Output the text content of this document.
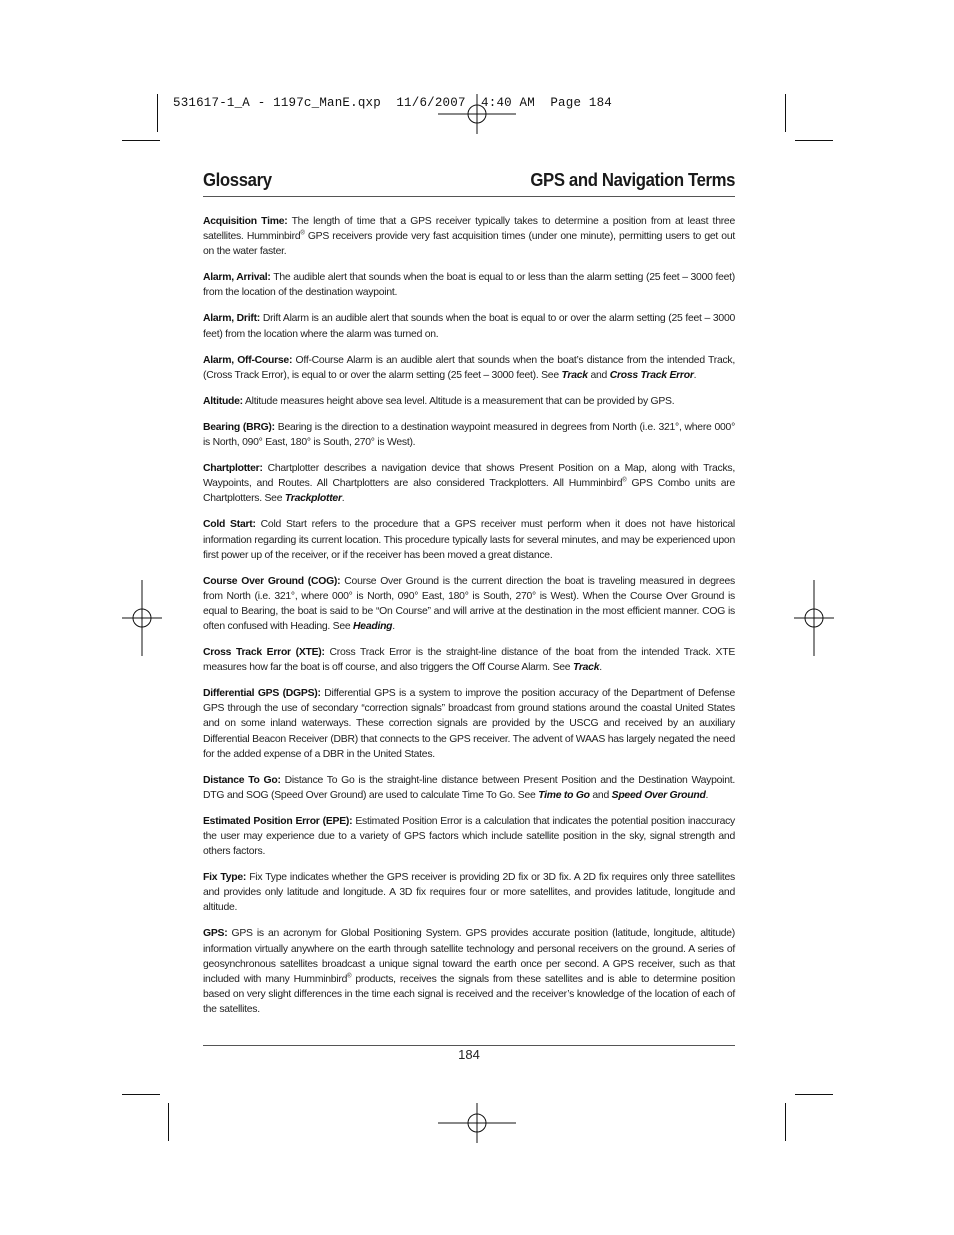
531617-1_A - 1197c_ManE.qxp  11/6/2007  4:40 AM  Page 184
Glossary	GPS and Navigation Terms

Acquisition Time: The length of time that a GPS receiver typically takes to determine a position from at least three satellites. Humminbird® GPS receivers provide very fast acquisition times (under one minute), permitting users to get out on the water faster.

Alarm, Arrival: The audible alert that sounds when the boat is equal to or less than the alarm setting (25 feet – 3000 feet) from the location of the destination waypoint.

Alarm, Drift: Drift Alarm is an audible alert that sounds when the boat is equal to or over the alarm setting (25 feet – 3000 feet) from the location where the alarm was turned on.

Alarm, Off-Course: Off-Course Alarm is an audible alert that sounds when the boat’s distance from the intended Track, (Cross Track Error), is equal to or over the alarm setting (25 feet – 3000 feet). See Track and Cross Track Error.

Altitude: Altitude measures height above sea level. Altitude is a measurement that can be provided by GPS.

Bearing (BRG): Bearing is the direction to a destination waypoint measured in degrees from North (i.e. 321°, where 000° is North, 090° East, 180° is South, 270° is West).

Chartplotter: Chartplotter describes a navigation device that shows Present Position on a Map, along with Tracks, Waypoints, and Routes. All Chartplotters are also considered Trackplotters. All Humminbird® GPS Combo units are Chartplotters. See Trackplotter.

Cold Start: Cold Start refers to the procedure that a GPS receiver must perform when it does not have historical information regarding its current location. This procedure typically lasts for several minutes, and may be experienced upon first power up of the receiver, or if the receiver has been moved a great distance.

Course Over Ground (COG): Course Over Ground is the current direction the boat is traveling measured in degrees from North (i.e. 321°, where 000° is North, 090° East, 180° is South, 270° is West). When the Course Over Ground is equal to Bearing, the boat is said to be “On Course” and will arrive at the destination in the most efficient manner. COG is often confused with Heading. See Heading.

Cross Track Error (XTE): Cross Track Error is the straight-line distance of the boat from the intended Track. XTE measures how far the boat is off course, and also triggers the Off Course Alarm. See Track.

Differential GPS (DGPS): Differential GPS is a system to improve the position accuracy of the Department of Defense GPS through the use of secondary “correction signals” broadcast from ground stations around the coastal United States and on some inland waterways. These correction signals are provided by the USCG and received by an auxiliary Differential Beacon Receiver (DBR) that connects to the GPS receiver. The advent of WAAS has largely negated the need for the added expense of a DBR in the United States.

Distance To Go: Distance To Go is the straight-line distance between Present Position and the Destination Waypoint. DTG and SOG (Speed Over Ground) are used to calculate Time To Go. See Time to Go and Speed Over Ground.

Estimated Position Error (EPE): Estimated Position Error is a calculation that indicates the potential position inaccuracy the user may experience due to a variety of GPS factors which include satellite position in the sky, signal strength and others factors.

Fix Type: Fix Type indicates whether the GPS receiver is providing 2D fix or 3D fix. A 2D fix requires only three satellites and provides only latitude and longitude. A 3D fix requires four or more satellites, and provides latitude, longitude and altitude.

GPS: GPS is an acronym for Global Positioning System. GPS provides accurate position (latitude, longitude, altitude) information virtually anywhere on the earth through satellite technology and personal receivers on the ground. A series of geosynchronous satellites broadcast a unique signal toward the earth once per second. A GPS receiver, such as that included with many Humminbird® products, receives the signals from these satellites and is able to determine position based on very slight differences in the time each signal is received and the receiver’s knowledge of the location of each of the satellites.

184
